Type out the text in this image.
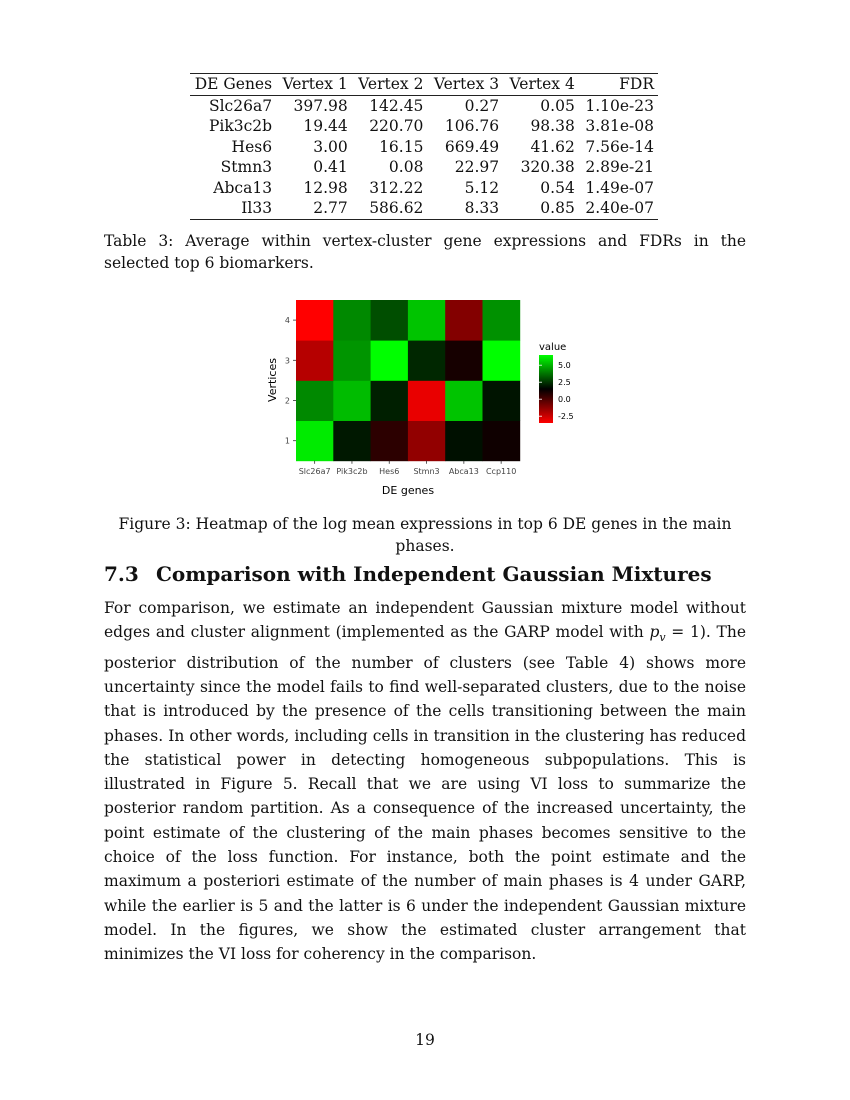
DE Genes	Vertex 1	Vertex 2	Vertex 3	Vertex 4	FDR
Slc26a7	397.98	142.45	0.27	0.05	1.10e-23
Pik3c2b	19.44	220.70	106.76	98.38	3.81e-08
Hes6	3.00	16.15	669.49	41.62	7.56e-14
Stmn3	0.41	0.08	22.97	320.38	2.89e-21
Abca13	12.98	312.22	5.12	0.54	1.49e-07
Il33	2.77	586.62	8.33	0.85	2.40e-07
Table 3: Average within vertex-cluster gene expressions and FDRs in the selected top 6 biomarkers.
Slc26a7 Pik3c2b Hes6 Stmn3 Abca13 Ccp110
1
2
3
4
DE genes
Vertices
value
5.0
2.5
0.0
-2.5
Figure 3: Heatmap of the log mean expressions in top 6 DE genes in the main phases.
7.3 Comparison with Independent Gaussian Mixtures

For comparison, we estimate an independent Gaussian mixture model without edges and cluster alignment (implemented as the GARP model with $p_v = 1$). The posterior distribution of the number of clusters (see Table 4) shows more uncertainty since the model fails to find well-separated clusters, due to the noise that is introduced by the presence of the cells transitioning between the main phases. In other words, including cells in transition in the clustering has reduced the statistical power in detecting homogeneous subpopulations. This is illustrated in Figure 5. Recall that we are using VI loss to summarize the posterior random partition. As a consequence of the increased uncertainty, the point estimate of the clustering of the main phases becomes sensitive to the choice of the loss function. For instance, both the point estimate and the maximum a posteriori estimate of the number of main phases is 4 under GARP, while the earlier is 5 and the latter is 6 under the independent Gaussian mixture model. In the figures, we show the estimated cluster arrangement that minimizes the VI loss for coherency in the comparison.

19
